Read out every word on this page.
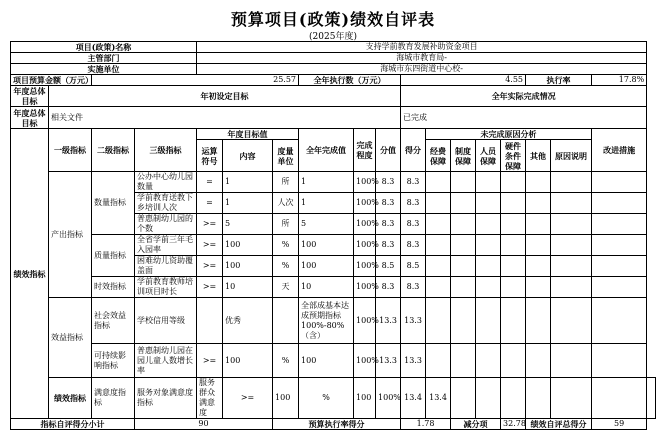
预算项目(政策)绩效自评表
(2025年度)
项目(政策)名称				支持学前教育发展补助资金项目														
主管部门				海城市教育局-														
实施单位				海城市东四街道中心校-														
项目预算金额（万元）		25.57					全年执行数（万元）			4.55					执行率		17.8%	
年度总体目标	年初设定目标									全年实际完成情况								
年度总体目标	相关文件									已完成								
绩效指标	一级指标	二级指标	三级指标	年度目标值			全年完成值	完成程度	分值	得分	未完成原因分析						改进措施	
				运算符号	内容	度量单位					经费保障	制度保障	人员保障	硬件条件保障	其他	原因说明		
	产出指标	数量指标	公办中心幼儿园数量	=	1	所	1	100%	8.3	8.3								
			学前教育送教下乡培训人次	=	1	人次	1	100%	8.3	8.3								
			普惠制幼儿园的个数	>=	5	所	5	100%	8.3	8.3								
		质量指标	全省学前三年毛入园率	>=	100	%	100	100%	8.3	8.3								
			困难幼儿资助覆盖面	>=	100	%	100	100%	8.5	8.5								
		时效指标	学前教育教师培训项目时长	>=	10	天	10	100%	8.3	8.3								
	效益指标	社会效益指标	学校信用等级		优秀		全部成基本达成预期指标100%-80%（含）	100%	13.3	13.3								
		可持续影响指标	普惠制幼儿园在园儿童人数增长率	>=	100	%	100	100%	13.3	13.3								
	绩效指标	满意度指标	服务对象满意度指标	服务群众满意度	>=	100	%	100	100%	13.4	13.4							
指标自评得分小计			90			预算执行率得分				1.78		减分项		32.78	绩效自评总得分		59	
